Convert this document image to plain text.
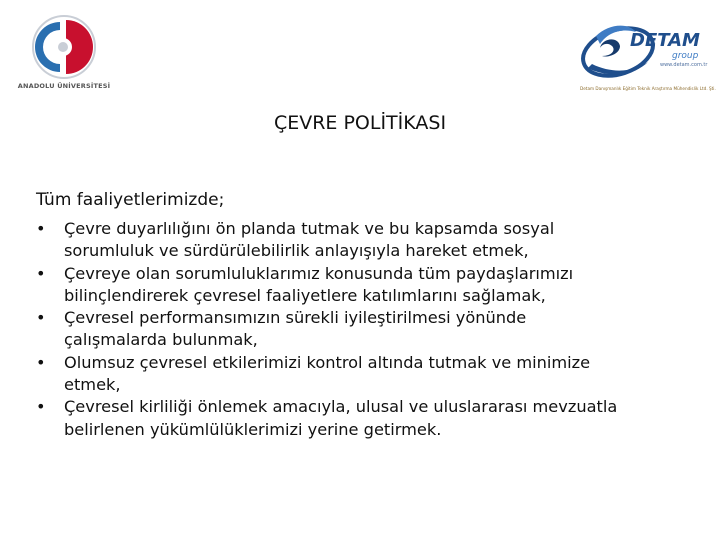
ANADOLU ÜNİVERSİTESİ
DETAM
group
www.detam.com.tr
Detam Danışmanlık Eğitim Teknik Araştırma Mühendislik Ltd. Şti.
ÇEVRE POLİTİKASI
Tüm faaliyetlerimizde;
• Çevre duyarlılığını ön planda tutmak ve bu kapsamda sosyal
sorumluluk ve sürdürülebilirlik anlayışıyla hareket etmek,
• Çevreye olan sorumluluklarımız konusunda tüm paydaşlarımızı
bilinçlendirerek çevresel faaliyetlere katılımlarını sağlamak,
• Çevresel performansımızın sürekli iyileştirilmesi yönünde
çalışmalarda bulunmak,
• Olumsuz çevresel etkilerimizi kontrol altında tutmak ve minimize
etmek,
• Çevresel kirliliği önlemek amacıyla, ulusal ve uluslararası mevzuatla
belirlenen yükümlülüklerimizi yerine getirmek.
